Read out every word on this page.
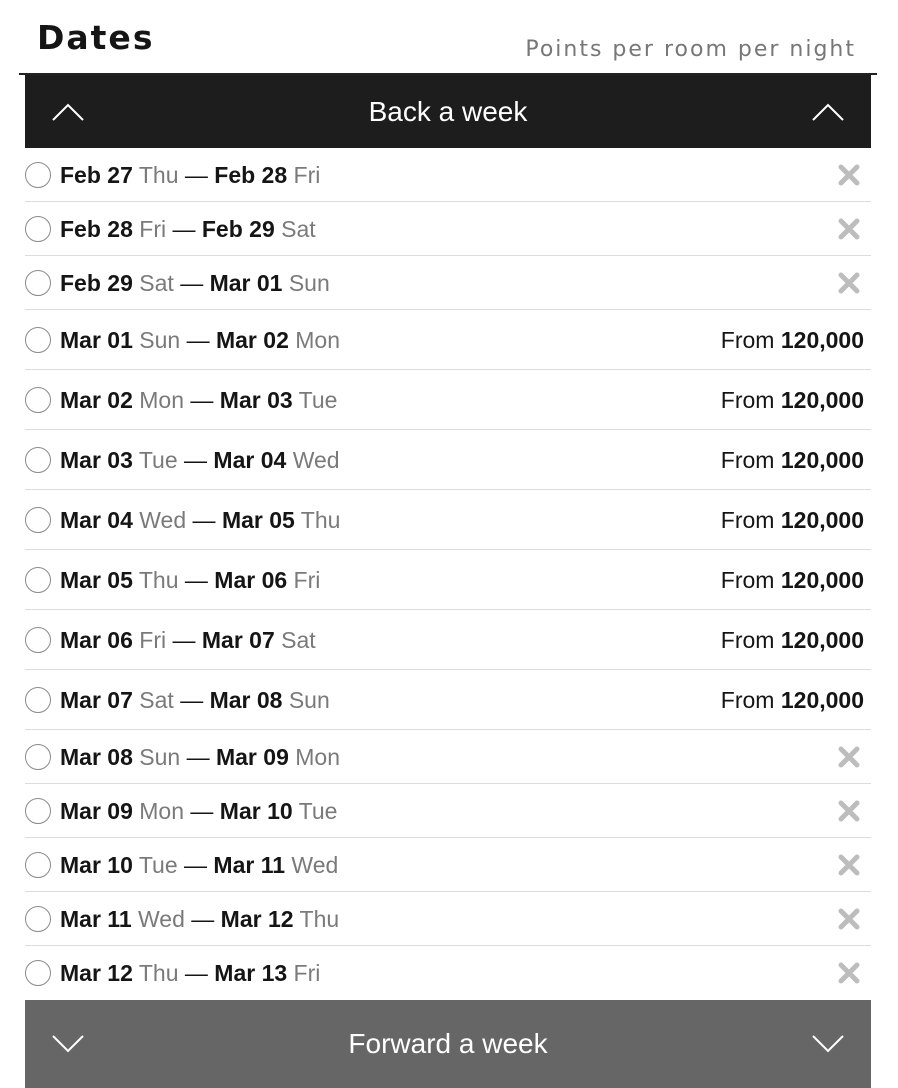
Dates	Points per room per night
Back a week
Feb 27 Thu — Feb 28 Fri
Feb 28 Fri — Feb 29 Sat
Feb 29 Sat — Mar 01 Sun
Mar 01 Sun — Mar 02 Mon	From 120,000
Mar 02 Mon — Mar 03 Tue	From 120,000
Mar 03 Tue — Mar 04 Wed	From 120,000
Mar 04 Wed — Mar 05 Thu	From 120,000
Mar 05 Thu — Mar 06 Fri	From 120,000
Mar 06 Fri — Mar 07 Sat	From 120,000
Mar 07 Sat — Mar 08 Sun	From 120,000
Mar 08 Sun — Mar 09 Mon
Mar 09 Mon — Mar 10 Tue
Mar 10 Tue — Mar 11 Wed
Mar 11 Wed — Mar 12 Thu
Mar 12 Thu — Mar 13 Fri
Forward a week
